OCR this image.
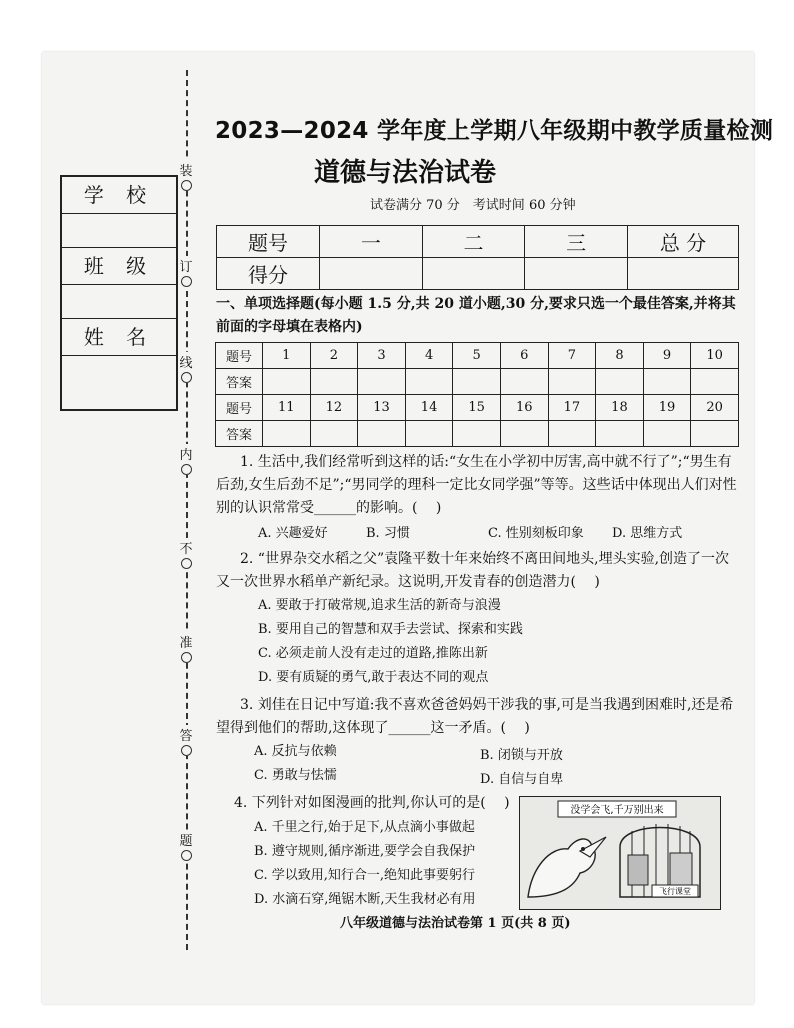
装
订
线
内
不
准
答
题
学 校
班 级
姓 名
2023—2024 学年度上学期八年级期中教学质量检测
道德与法治试卷
试卷满分 70 分　考试时间 60 分钟
题号	一	二	三	总 分
得分				
一、单项选择题(每小题 1.5 分,共 20 道小题,30 分,要求只选一个最佳答案,并将其前面的字母填在表格内)
题号	1	2	3	4	5	6	7	8	9	10
答案										
题号	11	12	13	14	15	16	17	18	19	20
答案										
1. 生活中,我们经常听到这样的话:“女生在小学初中厉害,高中就不行了”;“男生有后劲,女生后劲不足”;“男同学的理科一定比女同学强”等等。这些话中体现出人们对性别的认识常常受______的影响。(　 )
A. 兴趣爱好	B. 习惯	C. 性别刻板印象 D. 思维方式
2. “世界杂交水稻之父”袁隆平数十年来始终不离田间地头,埋头实验,创造了一次又一次世界水稻单产新纪录。这说明,开发青春的创造潜力(　 )
A. 要敢于打破常规,追求生活的新奇与浪漫
B. 要用自己的智慧和双手去尝试、探索和实践
C. 必须走前人没有走过的道路,推陈出新
D. 要有质疑的勇气,敢于表达不同的观点
3. 刘佳在日记中写道:我不喜欢爸爸妈妈干涉我的事,可是当我遇到困难时,还是希望得到他们的帮助,这体现了______这一矛盾。(　 )
A. 反抗与依赖	B. 闭锁与开放
C. 勇敢与怯懦	D. 自信与自卑
4. 下列针对如图漫画的批判,你认可的是(　 )
A. 千里之行,始于足下,从点滴小事做起
B. 遵守规则,循序渐进,要学会自我保护
C. 学以致用,知行合一,绝知此事要躬行
D. 水滴石穿,绳锯木断,天生我材必有用
没学会飞,千万别出来
飞行课堂
八年级道德与法治试卷第 1 页(共 8 页)
